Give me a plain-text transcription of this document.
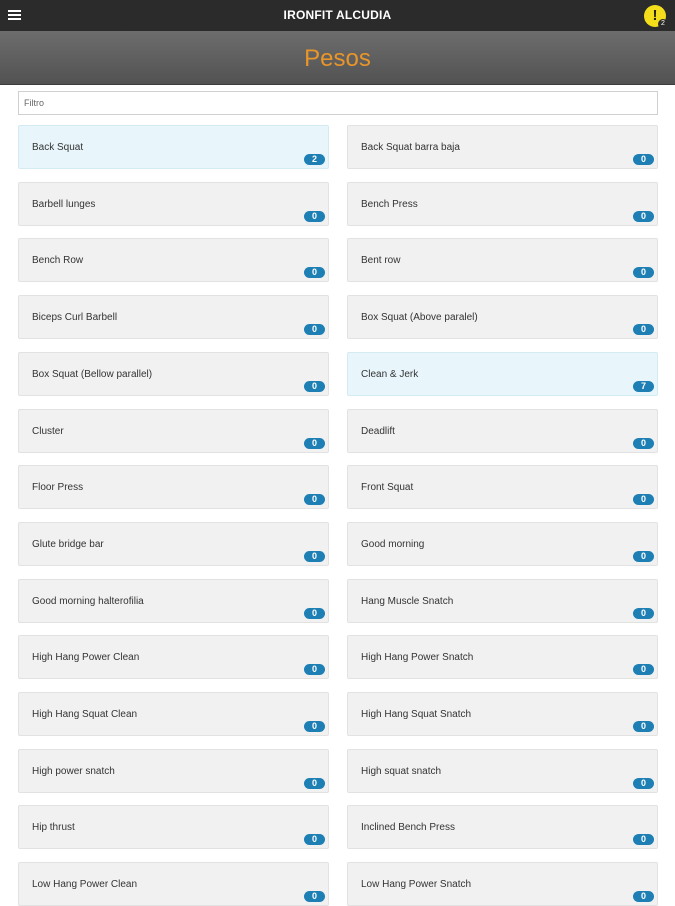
IRONFIT ALCUDIA	! 2
Pesos
Filtro
Back Squat
2
Back Squat barra baja
0
Barbell lunges
0
Bench Press
0
Bench Row
0
Bent row
0
Biceps Curl Barbell
0
Box Squat (Above paralel)
0
Box Squat (Bellow parallel)
0
Clean & Jerk
7
Cluster
0
Deadlift
0
Floor Press
0
Front Squat
0
Glute bridge bar
0
Good morning
0
Good morning halterofilia
0
Hang Muscle Snatch
0
High Hang Power Clean
0
High Hang Power Snatch
0
High Hang Squat Clean
0
High Hang Squat Snatch
0
High power snatch
0
High squat snatch
0
Hip thrust
0
Inclined Bench Press
0
Low Hang Power Clean
0
Low Hang Power Snatch
0
